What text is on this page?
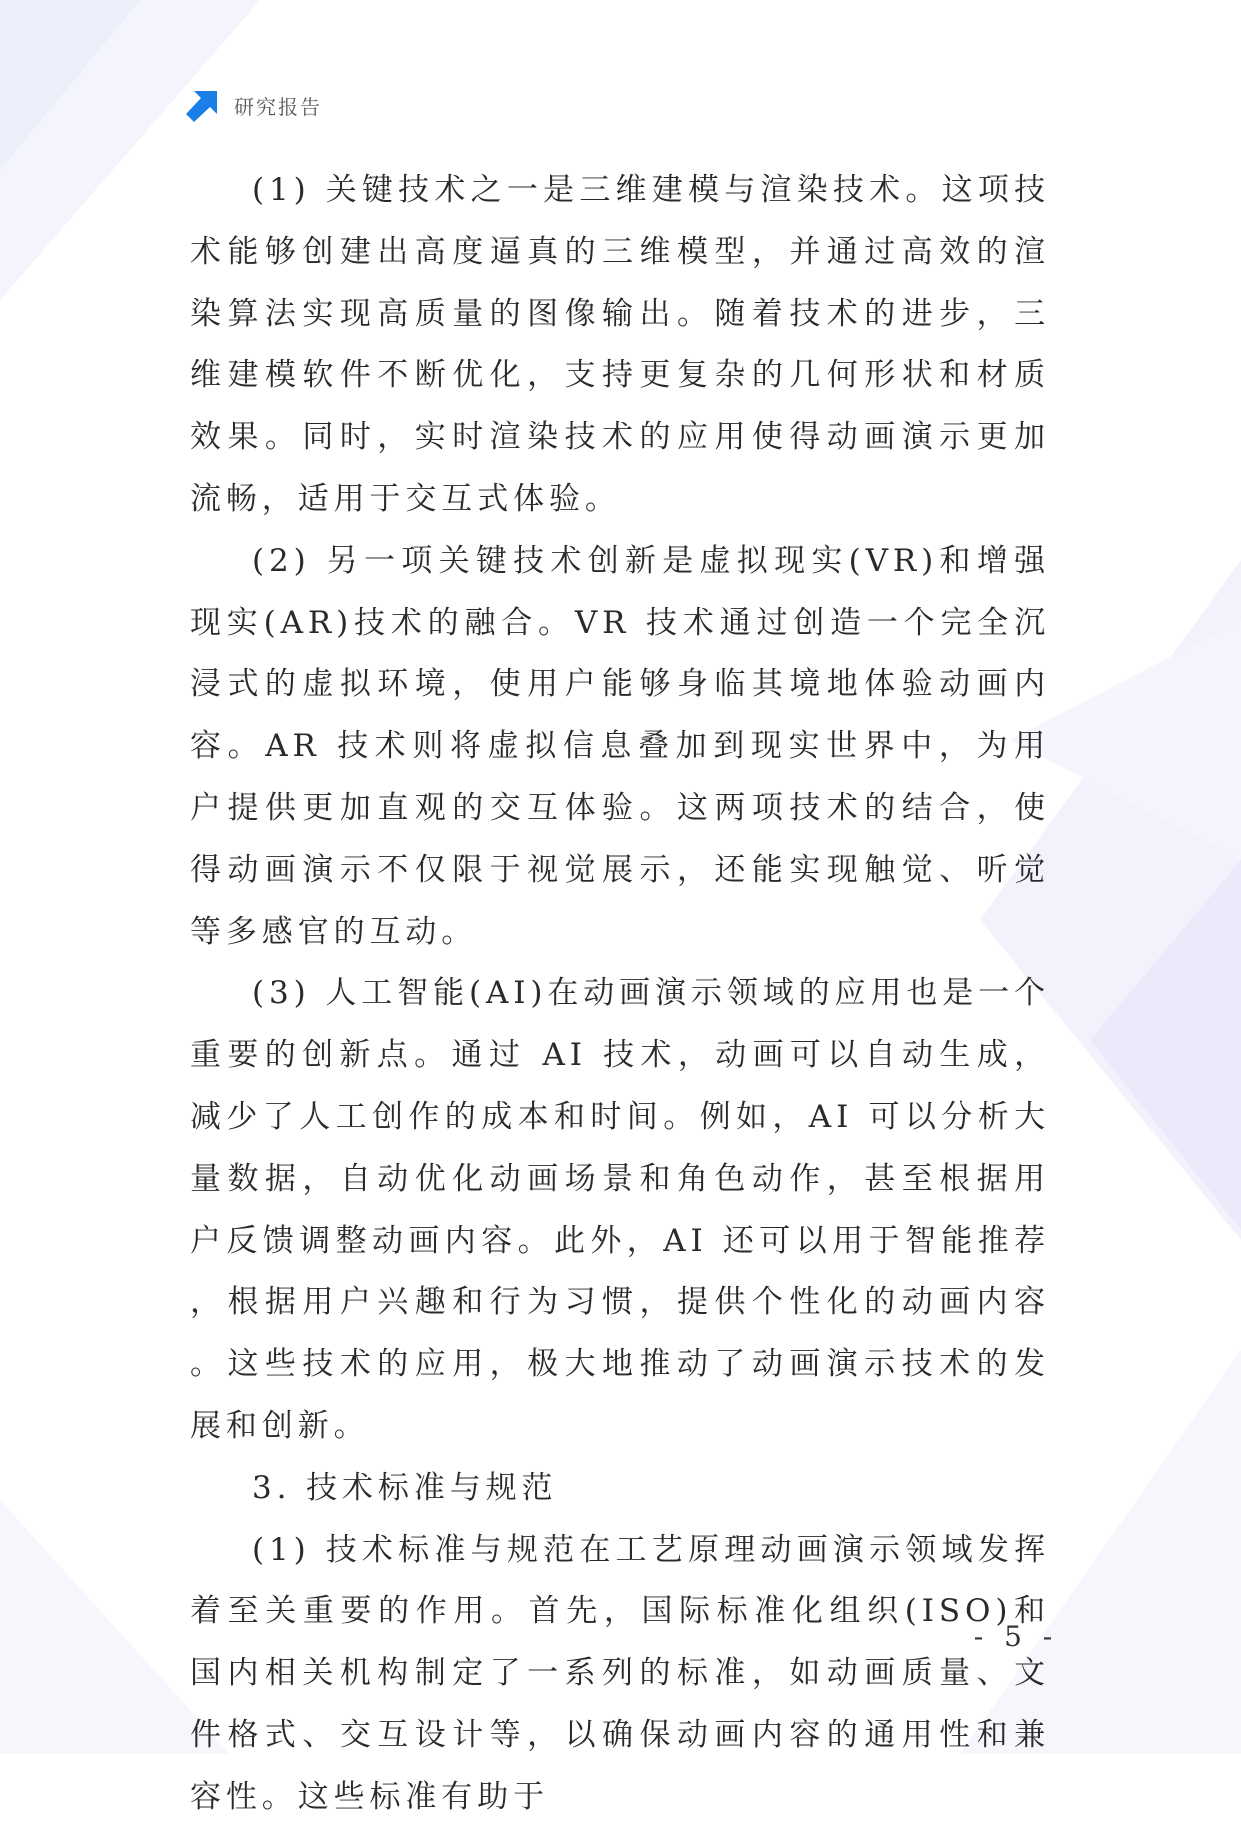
研究报告

(1) 关键技术之一是三维建模与渲染技术。这项技术能够创建出高度逼真的三维模型，并通过高效的渲染算法实现高质量的图像输出。随着技术的进步，三维建模软件不断优化，支持更复杂的几何形状和材质效果。同时，实时渲染技术的应用使得动画演示更加流畅，适用于交互式体验。

(2) 另一项关键技术创新是虚拟现实(VR)和增强现实(AR)技术的融合。VR 技术通过创造一个完全沉浸式的虚拟环境，使用户能够身临其境地体验动画内容。AR 技术则将虚拟信息叠加到现实世界中，为用户提供更加直观的交互体验。这两项技术的结合，使得动画演示不仅限于视觉展示，还能实现触觉、听觉等多感官的互动。

(3) 人工智能(AI)在动画演示领域的应用也是一个重要的创新点。通过 AI 技术，动画可以自动生成，减少了人工创作的成本和时间。例如，AI 可以分析大量数据，自动优化动画场景和角色动作，甚至根据用户反馈调整动画内容。此外，AI 还可以用于智能推荐，根据用户兴趣和行为习惯，提供个性化的动画内容。这些技术的应用，极大地推动了动画演示技术的发展和创新。

3. 技术标准与规范

(1) 技术标准与规范在工艺原理动画演示领域发挥着至关重要的作用。首先，国际标准化组织(ISO)和国内相关机构制定了一系列的标准，如动画质量、文件格式、交互设计等，以确保动画内容的通用性和兼容性。这些标准有助于

- 5 -
